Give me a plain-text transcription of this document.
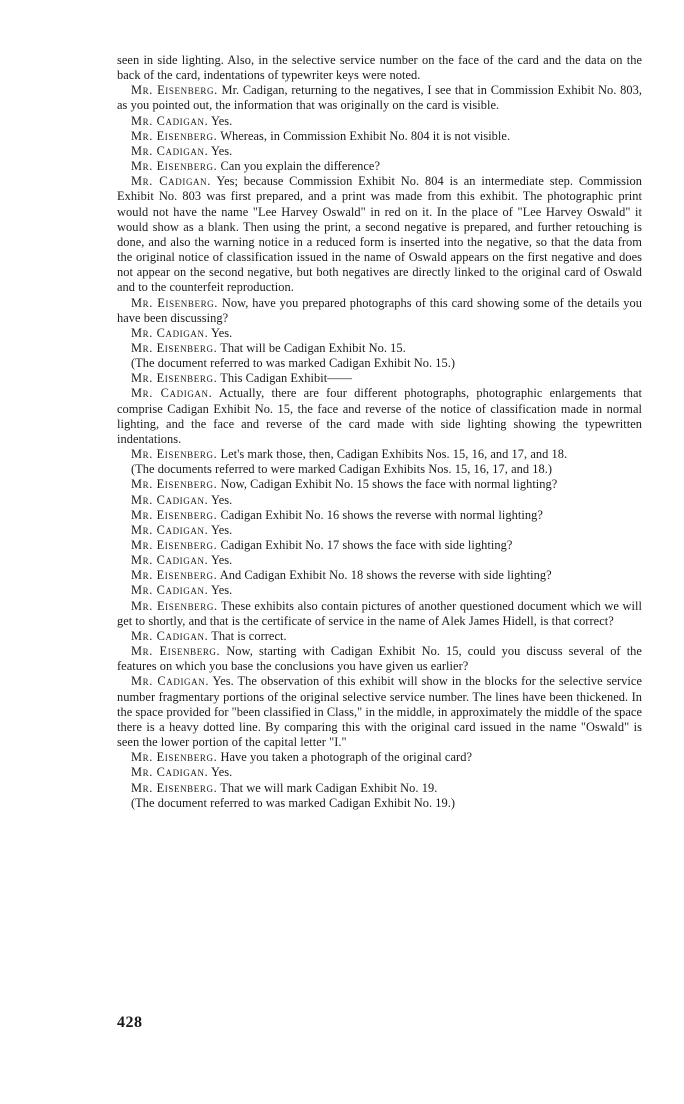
seen in side lighting. Also, in the selective service number on the face of the card and the data on the back of the card, indentations of typewriter keys were noted.

Mr. Eisenberg. Mr. Cadigan, returning to the negatives, I see that in Commission Exhibit No. 803, as you pointed out, the information that was originally on the card is visible.

Mr. Cadigan. Yes.

Mr. Eisenberg. Whereas, in Commission Exhibit No. 804 it is not visible.

Mr. Cadigan. Yes.

Mr. Eisenberg. Can you explain the difference?

Mr. Cadigan. Yes; because Commission Exhibit No. 804 is an intermediate step. Commission Exhibit No. 803 was first prepared, and a print was made from this exhibit. The photographic print would not have the name "Lee Harvey Oswald" in red on it. In the place of "Lee Harvey Oswald" it would show as a blank. Then using the print, a second negative is prepared, and further retouching is done, and also the warning notice in a reduced form is inserted into the negative, so that the data from the original notice of classification issued in the name of Oswald appears on the first negative and does not appear on the second negative, but both negatives are directly linked to the original card of Oswald and to the counterfeit reproduction.

Mr. Eisenberg. Now, have you prepared photographs of this card showing some of the details you have been discussing?

Mr. Cadigan. Yes.

Mr. Eisenberg. That will be Cadigan Exhibit No. 15.

(The document referred to was marked Cadigan Exhibit No. 15.)

Mr. Eisenberg. This Cadigan Exhibit——

Mr. Cadigan. Actually, there are four different photographs, photographic enlargements that comprise Cadigan Exhibit No. 15, the face and reverse of the notice of classification made in normal lighting, and the face and reverse of the card made with side lighting showing the typewritten indentations.

Mr. Eisenberg. Let's mark those, then, Cadigan Exhibits Nos. 15, 16, and 17, and 18.

(The documents referred to were marked Cadigan Exhibits Nos. 15, 16, 17, and 18.)

Mr. Eisenberg. Now, Cadigan Exhibit No. 15 shows the face with normal lighting?

Mr. Cadigan. Yes.

Mr. Eisenberg. Cadigan Exhibit No. 16 shows the reverse with normal lighting?

Mr. Cadigan. Yes.

Mr. Eisenberg. Cadigan Exhibit No. 17 shows the face with side lighting?

Mr. Cadigan. Yes.

Mr. Eisenberg. And Cadigan Exhibit No. 18 shows the reverse with side lighting?

Mr. Cadigan. Yes.

Mr. Eisenberg. These exhibits also contain pictures of another questioned document which we will get to shortly, and that is the certificate of service in the name of Alek James Hidell, is that correct?

Mr. Cadigan. That is correct.

Mr. Eisenberg. Now, starting with Cadigan Exhibit No. 15, could you discuss several of the features on which you base the conclusions you have given us earlier?

Mr. Cadigan. Yes. The observation of this exhibit will show in the blocks for the selective service number fragmentary portions of the original selective service number. The lines have been thickened. In the space provided for "been classified in Class," in the middle, in approximately the middle of the space there is a heavy dotted line. By comparing this with the original card issued in the name "Oswald" is seen the lower portion of the capital letter "I."

Mr. Eisenberg. Have you taken a photograph of the original card?

Mr. Cadigan. Yes.

Mr. Eisenberg. That we will mark Cadigan Exhibit No. 19.

(The document referred to was marked Cadigan Exhibit No. 19.)

428
